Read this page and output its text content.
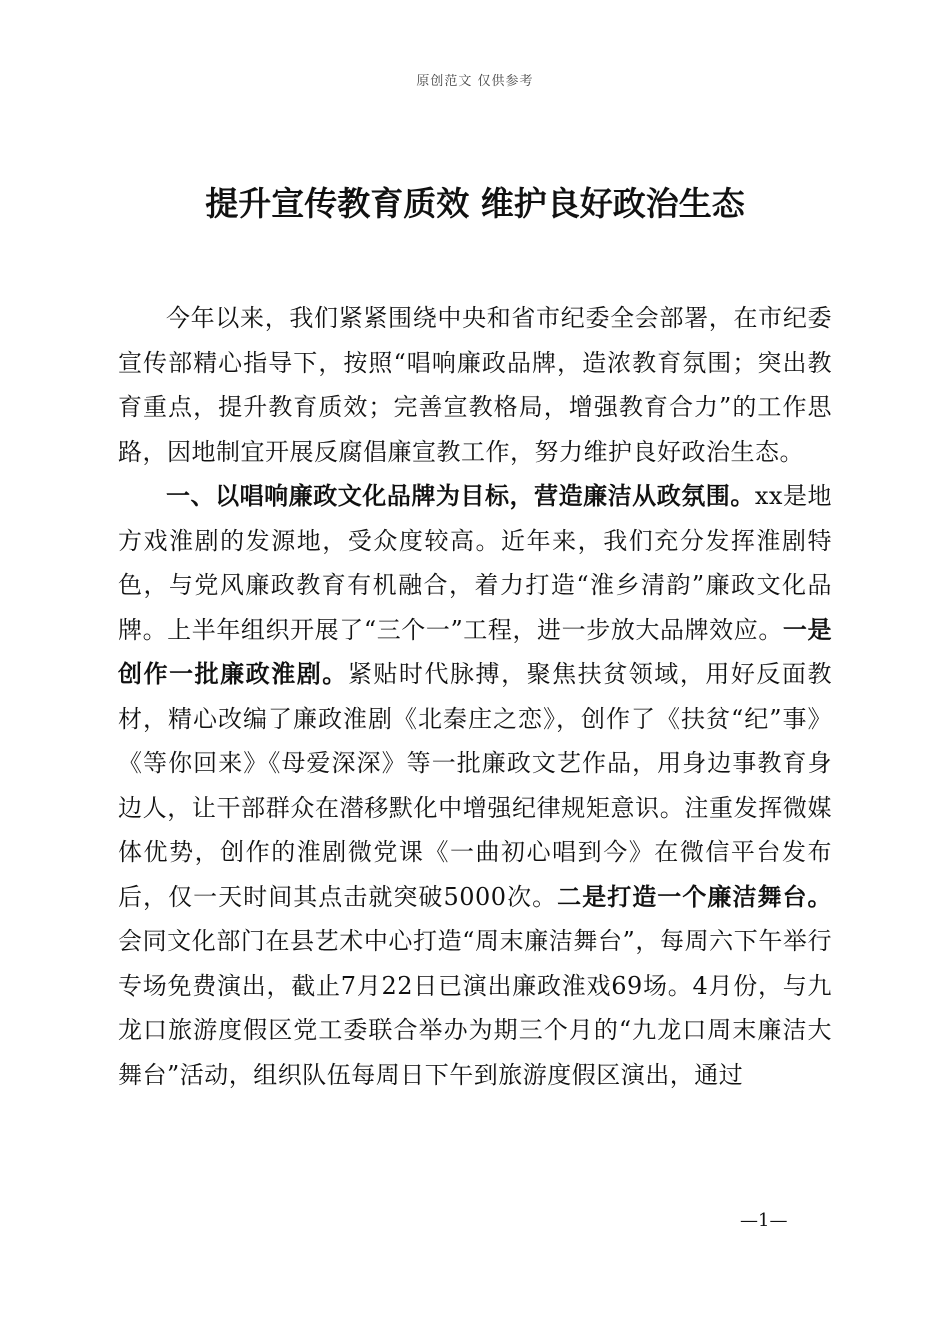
原创范文 仅供参考
提升宣传教育质效 维护良好政治生态

今年以来，我们紧紧围绕中央和省市纪委全会部署，在市纪委宣传部精心指导下，按照“唱响廉政品牌，造浓教育氛围；突出教育重点，提升教育质效；完善宣教格局，增强教育合力”的工作思路，因地制宜开展反腐倡廉宣教工作，努力维护良好政治生态。

一、以唱响廉政文化品牌为目标，营造廉洁从政氛围。xx是地方戏淮剧的发源地，受众度较高。近年来，我们充分发挥淮剧特色，与党风廉政教育有机融合，着力打造“淮乡清韵”廉政文化品牌。上半年组织开展了“三个一”工程，进一步放大品牌效应。一是创作一批廉政淮剧。紧贴时代脉搏，聚焦扶贫领域，用好反面教材，精心改编了廉政淮剧《北秦庄之恋》，创作了《扶贫“纪”事》《等你回来》《母爱深深》等一批廉政文艺作品，用身边事教育身边人，让干部群众在潜移默化中增强纪律规矩意识。注重发挥微媒体优势，创作的淮剧微党课《一曲初心唱到今》在微信平台发布后，仅一天时间其点击就突破5000次。二是打造一个廉洁舞台。会同文化部门在县艺术中心打造“周末廉洁舞台”，每周六下午举行专场免费演出，截止7月22日已演出廉政淮戏69场。4月份，与九龙口旅游度假区党工委联合举办为期三个月的“九龙口周末廉洁大舞台”活动，组织队伍每周日下午到旅游度假区演出，通过

—1—
